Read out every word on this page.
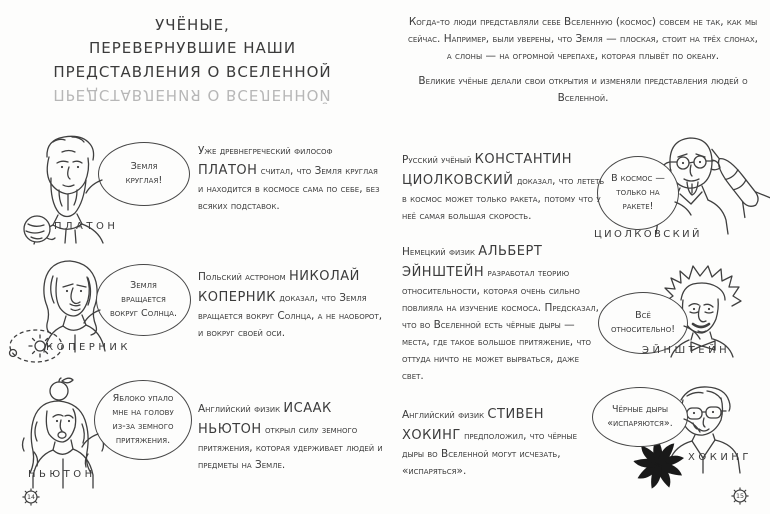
УЧЁНЫЕ,
ПЕРЕВЕРНУВШИЕ НАШИ
ПРЕДСТАВЛЕНИЯ О ВСЕЛЕННОЙ
ПРЕДСТАВЛЕНИЯ О ВСЕЛЕННОЙ

Когда-то люди представляли себе Вселенную (космос) совсем не так, как мы сейчас. Например, были уверены, что Земля — плоская, стоит на трёх слонах, а слоны — на огромной черепахе, которая плывёт по океану.

Великие учёные делали свои открытия и изменяли представления людей о Вселенной.

Земля круглая!

Уже древнегреческий философ ПЛАТОН считал, что Земля круглая и находится в космосе сама по себе, без всяких подставок.

ПЛАТОН
Земля вращается вокруг Солнца.

Польский астроном НИКОЛАЙ КОПЕРНИК доказал, что Земля вращается вокруг Солнца, а не наоборот, и вокруг своей оси.

КОПЕРНИК
Яблоко упало мне на голову из-за земного притяжения.

Английский физик ИСААК НЬЮТОН открыл силу земного притяжения, которая удерживает людей и предметы на Земле.

НЬЮТОН
В космос — только на ракете!

Русский учёный КОНСТАНТИН ЦИОЛКОВСКИЙ доказал, что лететь в космос может только ракета, потому что у неё самая большая скорость.

ЦИОЛКОВСКИЙ
Всё относительно!

Немецкий физик АЛЬБЕРТ ЭЙНШТЕЙН разработал теорию относительности, которая очень сильно повлияла на изучение космоса. Предсказал, что во Вселенной есть чёрные дыры — места, где такое большое притяжение, что оттуда ничто не может вырваться, даже свет.

ЭЙНШТЕЙН
Чёрные дыры «испаряются».

Английский физик СТИВЕН ХОКИНГ предположил, что чёрные дыры во Вселенной могут исчезать, «испаряться».

ХОКИНГ
14	15
